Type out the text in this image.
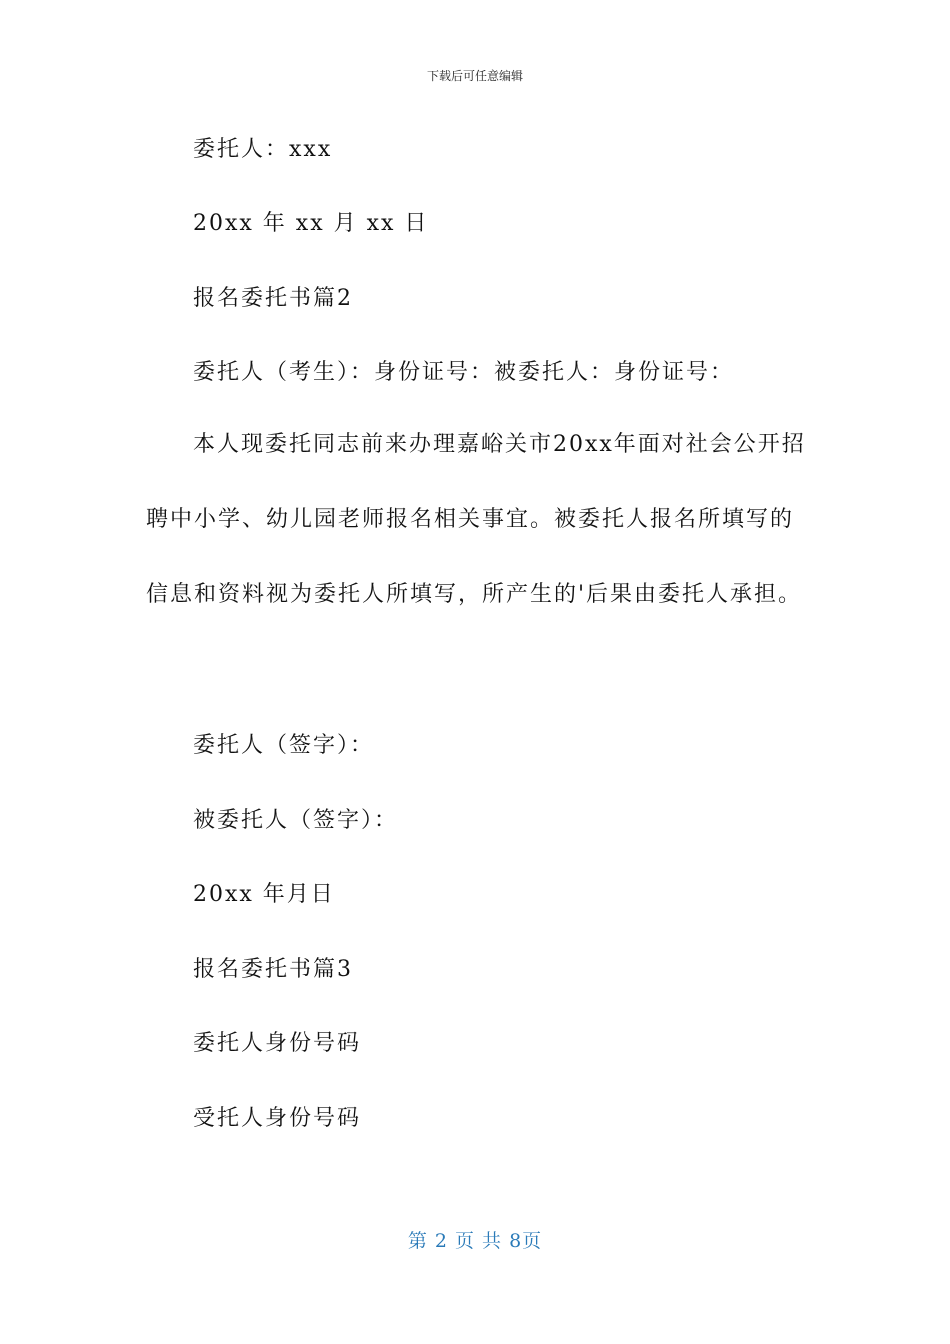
下载后可任意编辑
委托人：xxx
20xx 年 xx 月 xx 日
报名委托书篇2
委托人（考生）：身份证号：被委托人：身份证号：
本人现委托同志前来办理嘉峪关市20xx年面对社会公开招聘中小学、幼儿园老师报名相关事宜。被委托人报名所填写的信息和资料视为委托人所填写，所产生的'后果由委托人承担。
委托人（签字）：
被委托人（签字）：
20xx 年月日
报名委托书篇3
委托人身份号码
受托人身份号码
第 2 页 共 8页
